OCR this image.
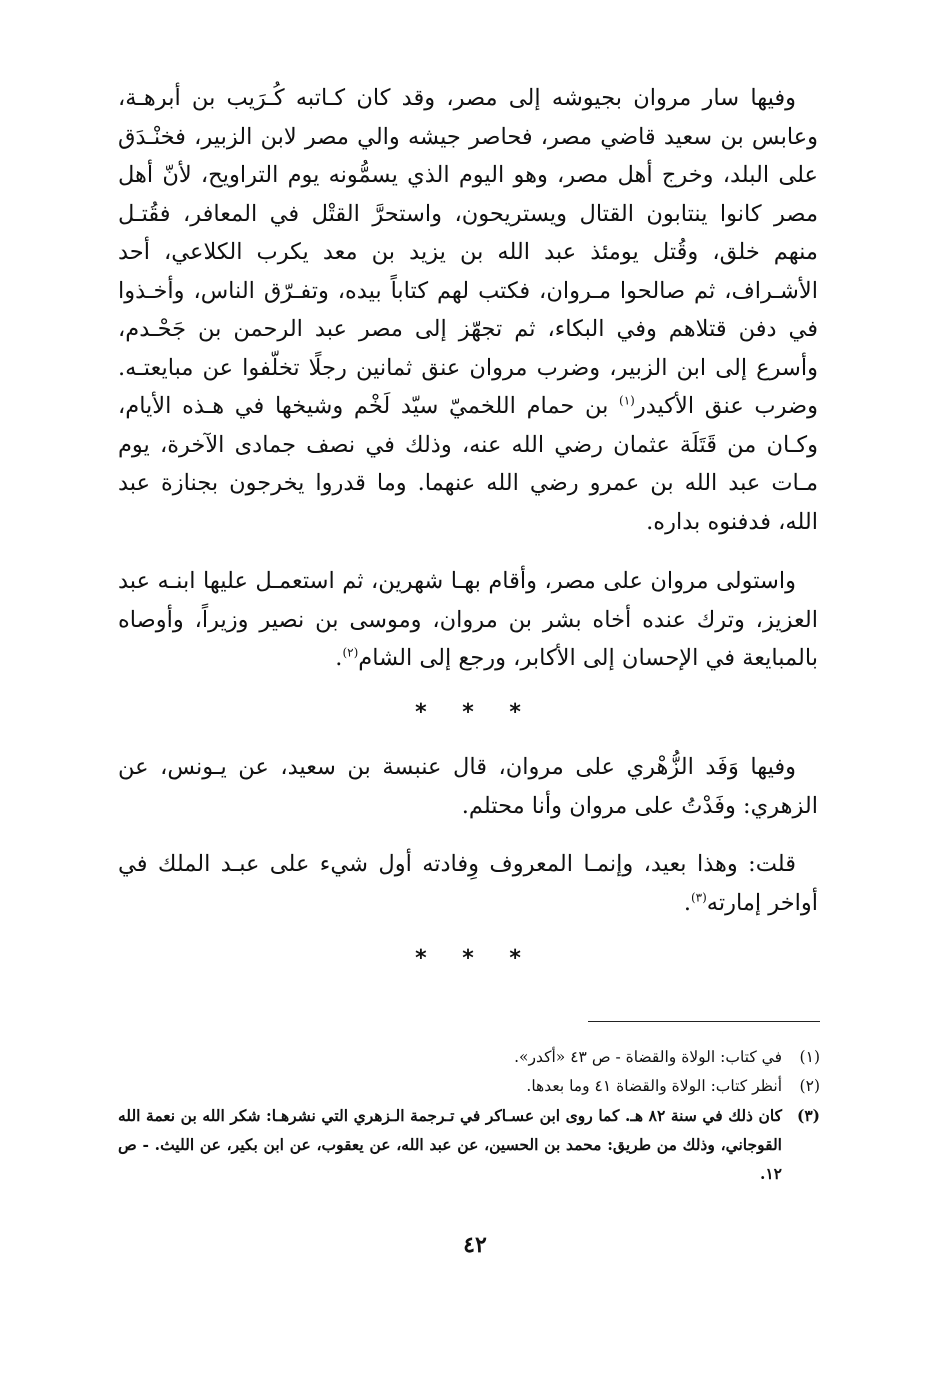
وفيها سار مروان بجيوشه إلى مصر، وقد كان كـاتبه كُـرَيب بن أبرهـة، وعابس بن سعيد قاضي مصر، فحاصر جيشه والي مصر لابن الزبير، فخنْـدَق على البلد، وخرج أهل مصر، وهو اليوم الذي يسمُّونه يوم التراويح، لأنّ أهل مصر كانوا ينتابون القتال ويستريحون، واستحرَّ القتْل في المعافر، فقُتـل منهم خلق، وقُتل يومئذ عبد الله بن يزيد بن معد يكرب الكلاعي، أحد الأشـراف، ثم صالحوا مـروان، فكتب لهم كتاباً بيده، وتفـرّق الناس، وأخـذوا في دفن قتلاهم وفي البكاء، ثم تجهّز إلى مصر عبد الرحمن بن جَحْـدم، وأسرع إلى ابن الزبير، وضرب مروان عنق ثمانين رجلًا تخلّفوا عن مبايعتـه. وضرب عنق الأكيدر$^{(١)}$ بن حمام اللخميّ سيّد لَخْم وشيخها في هـذه الأيام، وكـان من قَتَلَة عثمان رضي الله عنه، وذلك في نصف جمادى الآخرة، يوم مـات عبد الله بن عمرو رضي الله عنهما. وما قدروا يخرجون بجنازة عبد الله، فدفنوه بداره.

واستولى مروان على مصر، وأقام بهـا شهرين، ثم استعمـل عليها ابنـه عبد العزيز، وترك عنده أخاه بشر بن مروان، وموسى بن نصير وزيراً، وأوصاه بالمبايعة في الإحسان إلى الأكابر، ورجع إلى الشام$^{(٢)}$.

* * *

وفيها وَفَد الزُّهْري على مروان، قال عنبسة بن سعيد، عن يـونس، عن الزهري: وفَدْتُ على مروان وأنا محتلم.

قلت: وهذا بعيد، وإنمـا المعروف وِفادته أول شيء على عبـد الملك في أواخر إمارته$^{(٣)}$.

* * *
(١)
في كتاب: الولاة والقضاة - ص ٤٣ «أكدر».
(٢)
أنظر كتاب: الولاة والقضاة ٤١ وما بعدها.
(٣)
كان ذلك في سنة ٨٢ هـ. كما روى ابن عسـاكر في تـرجمة الـزهري التي نشرهـا: شكر الله بن نعمة الله القوجاني، وذلك من طريق: محمد بن الحسين، عن عبد الله، عن يعقوب، عن ابن بكير، عن الليث. - ص ١٢.
٤٢
